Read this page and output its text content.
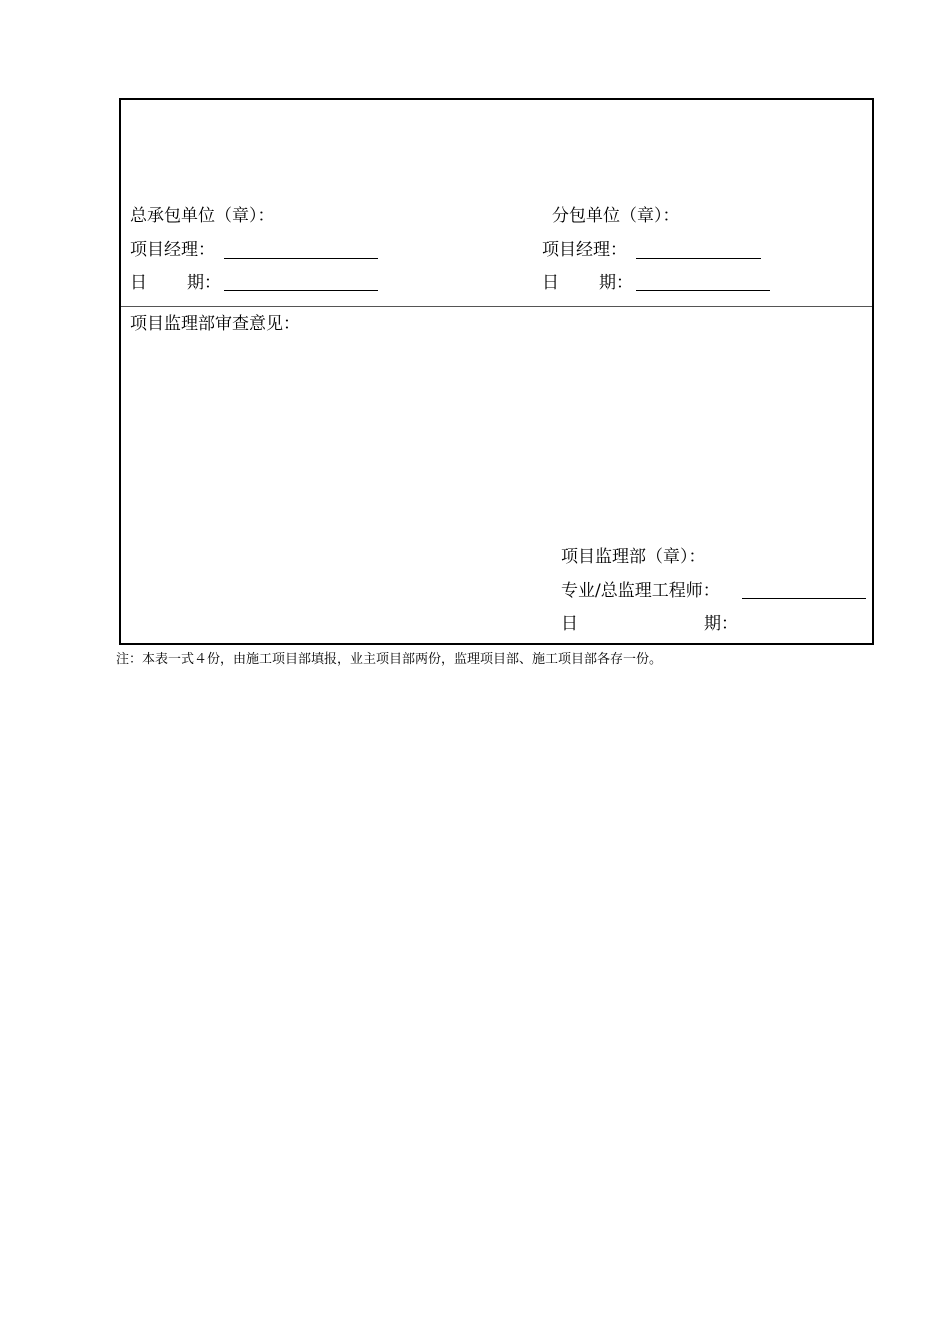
总承包单位（章）：	分包单位（章）：
项目经理：	项目经理：
日 期：	日 期：
项目监理部审查意见：
项目监理部（章）：
专业/总监理工程师：
日	期：
注：本表一式４份，由施工项目部填报，业主项目部两份，监理项目部、施工项目部各存一份。
